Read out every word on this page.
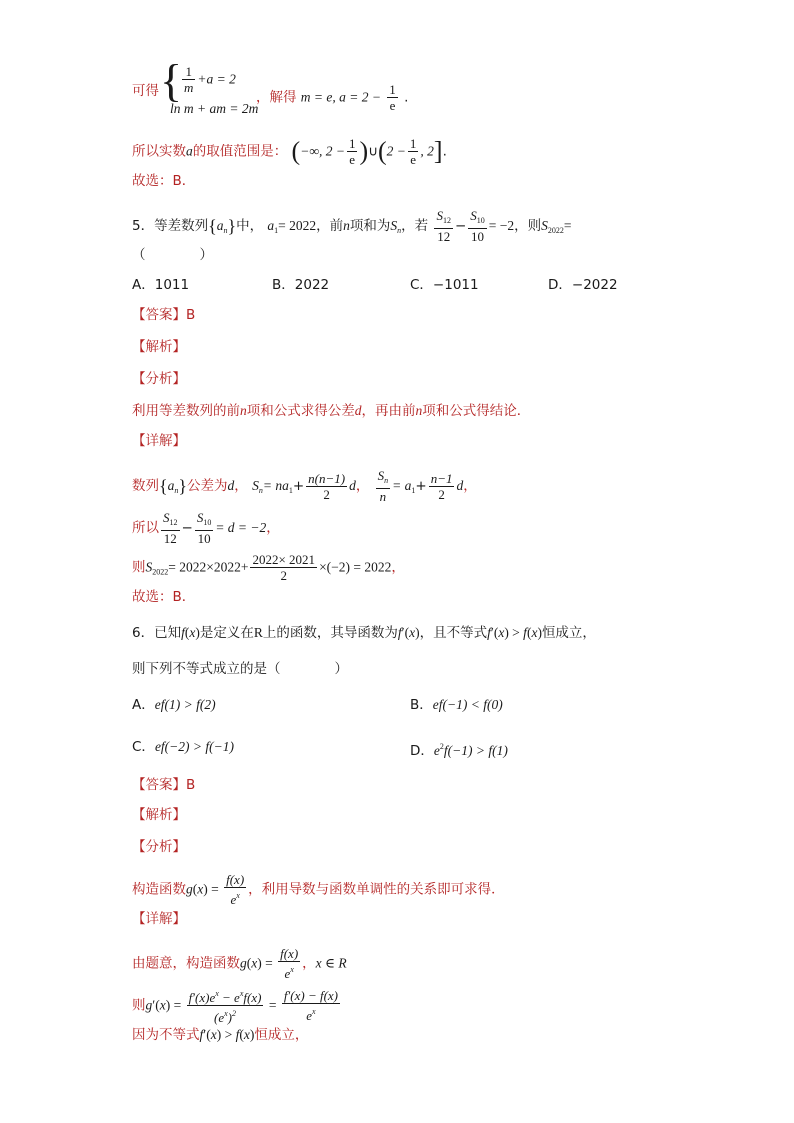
可得 { $\frac{1}{m} +a = 2$
ln m + am = 2m
，解得 m = e, $a = 2 - \frac{1}{e}$ .
所以实数a的取值范围是： (−∞, $2 - \frac{1}{e}$ )∪(2 − $\frac{1}{e}$ , 2].
故选：B．
5．等差数列$\{a_n\}$中， $a_1= 2022$，前n项和为$S_n$，若 $\frac{S_{12}}{12} - \frac{S_{10}}{10} = -2$，则$S_{2022}=$
（　　　　）
A．1011	B．2022	C．−1011	D．−2022
【答案】B
【解析】
【分析】
利用等差数列的前n项和公式求得公差d，再由前n项和公式得结论．
【详解】
数列$\{a_n\}$公差为d， $S_n= na_1+ \frac{n(n-1)}{2}$ d， $\frac{S_n}{n} = a_1+ \frac{n-1}{2}$ d，
所以 $\frac{S_{12}}{12} - \frac{S_{10}}{10} = d = -2$，
则$S_{2022}= 2022\times 2022+ \frac{2022\times 2021}{2} \times(-2) = 2022$，
故选：B．
6．已知f(x)是定义在R上的函数，其导函数为f′(x)，且不等式f′(x) > f(x)恒成立，
则下列不等式成立的是（　　　　）
A．ef(1) > f(2)	B．ef(−1) < f(0)
C．ef(−2) > f(−1)	D．$e^2f(-1) > f(1)$
【答案】B
【解析】
【分析】
构造函数$g(x) = \frac{f(x)}{e^x}$ ，利用导数与函数单调性的关系即可求得．
【详解】
由题意，构造函数$g(x) = \frac{f(x)}{e^x}$ ，x ∈ R
则$g'(x) = \frac{f'(x)e^x - e^xf(x)}{(e^x)^2} = \frac{f'(x) - f(x)}{e^x}$
因为不等式f′(x) > f(x)恒成立，
